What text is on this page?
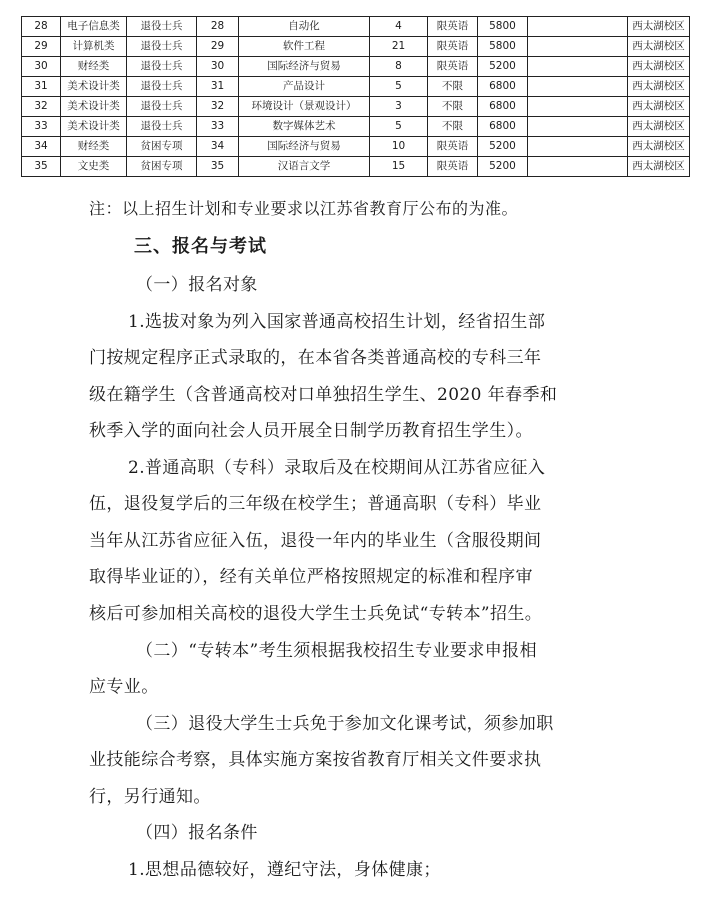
28	电子信息类	退役士兵	28	自动化	4	限英语	5800		西太湖校区
29	计算机类	退役士兵	29	软件工程	21	限英语	5800		西太湖校区
30	财经类	退役士兵	30	国际经济与贸易	8	限英语	5200		西太湖校区
31	美术设计类	退役士兵	31	产品设计	5	不限	6800		西太湖校区
32	美术设计类	退役士兵	32	环境设计（景观设计）	3	不限	6800		西太湖校区
33	美术设计类	退役士兵	33	数字媒体艺术	5	不限	6800		西太湖校区
34	财经类	贫困专项	34	国际经济与贸易	10	限英语	5200		西太湖校区
35	文史类	贫困专项	35	汉语言文学	15	限英语	5200		西太湖校区
注：以上招生计划和专业要求以江苏省教育厅公布的为准。
三、报名与考试
（一）报名对象
1.选拔对象为列入国家普通高校招生计划，经省招生部
门按规定程序正式录取的，在本省各类普通高校的专科三年
级在籍学生（含普通高校对口单独招生学生、2020 年春季和
秋季入学的面向社会人员开展全日制学历教育招生学生）。
2.普通高职（专科）录取后及在校期间从江苏省应征入
伍，退役复学后的三年级在校学生；普通高职（专科）毕业
当年从江苏省应征入伍，退役一年内的毕业生（含服役期间
取得毕业证的），经有关单位严格按照规定的标准和程序审
核后可参加相关高校的退役大学生士兵免试“专转本”招生。
（二）“专转本”考生须根据我校招生专业要求申报相
应专业。
（三）退役大学生士兵免于参加文化课考试，须参加职
业技能综合考察，具体实施方案按省教育厅相关文件要求执
行，另行通知。
（四）报名条件
1.思想品德较好，遵纪守法，身体健康；
